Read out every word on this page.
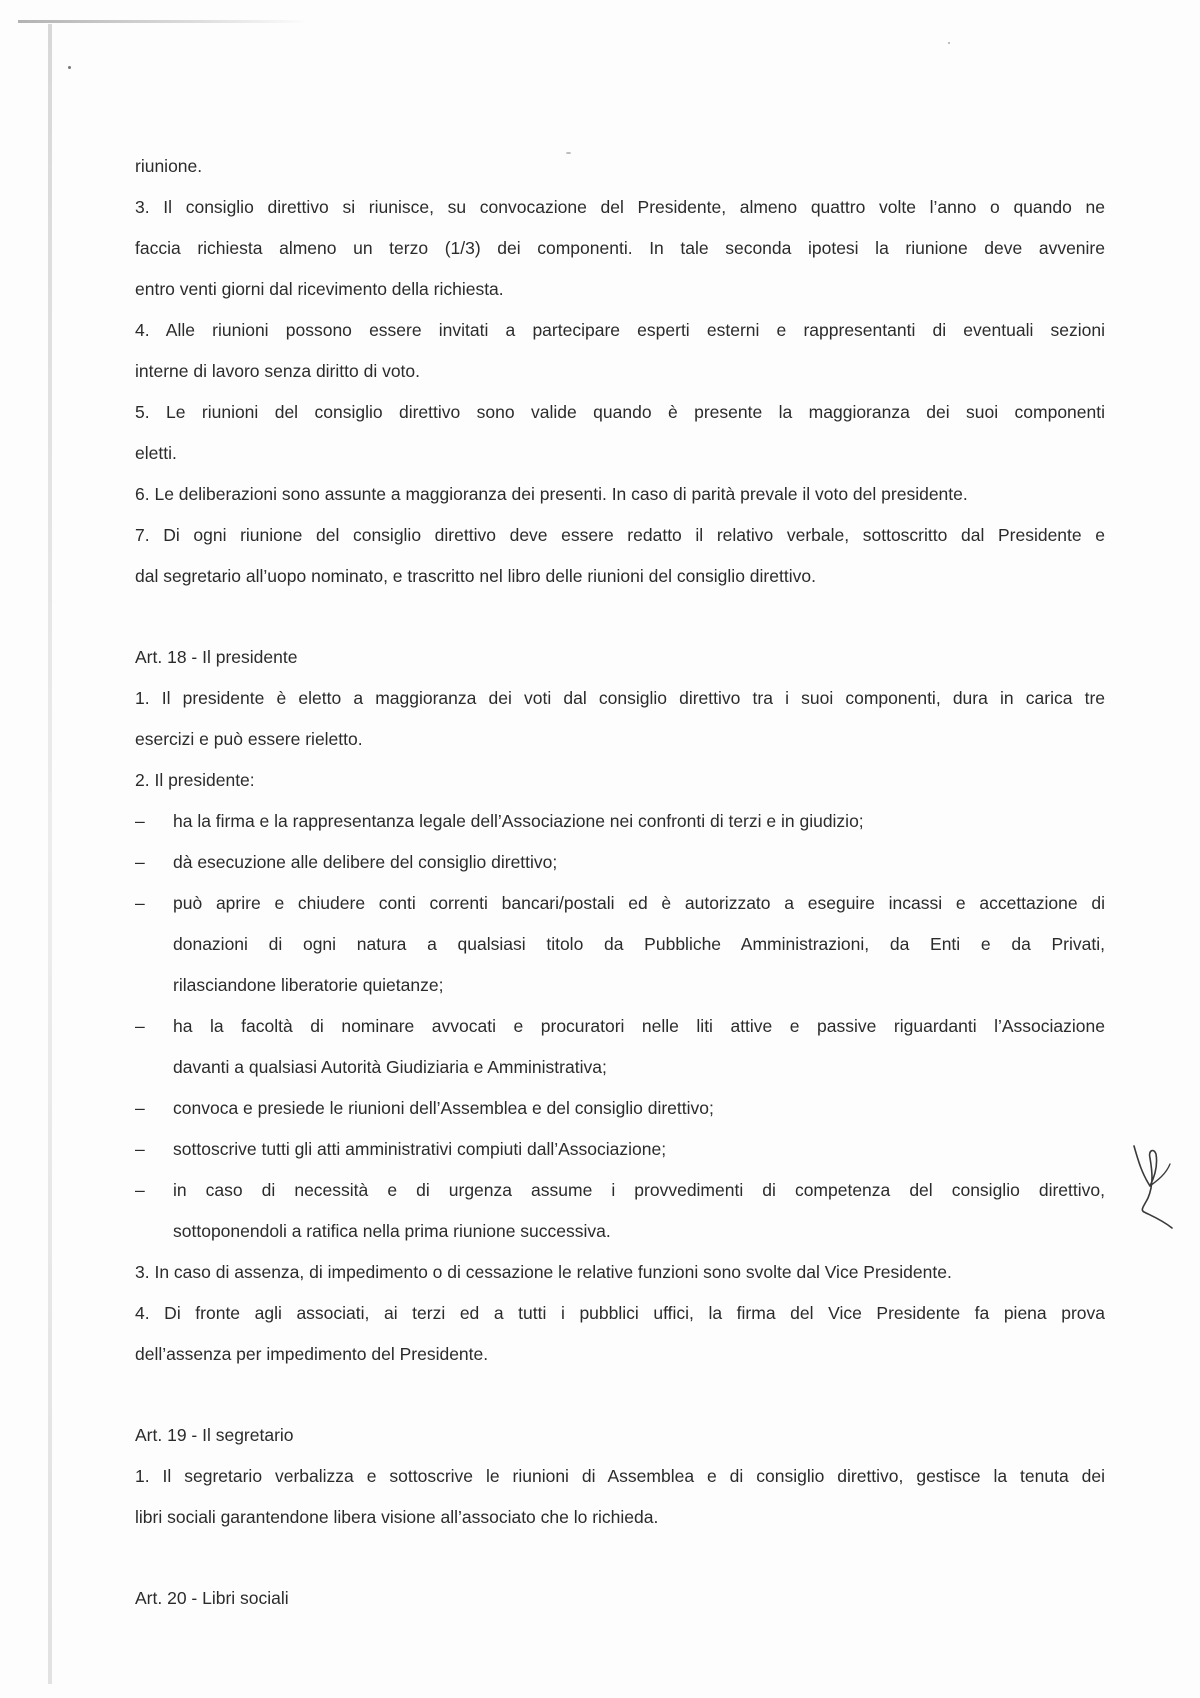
riunione.
3. Il consiglio direttivo si riunisce, su convocazione del Presidente, almeno quattro volte l’anno o quando ne
faccia richiesta almeno un terzo (1/3) dei componenti. In tale seconda ipotesi la riunione deve avvenire
entro venti giorni dal ricevimento della richiesta.
4. Alle riunioni possono essere invitati a partecipare esperti esterni e rappresentanti di eventuali sezioni
interne di lavoro senza diritto di voto.
5. Le riunioni del consiglio direttivo sono valide quando è presente la maggioranza dei suoi componenti
eletti.
6. Le deliberazioni sono assunte a maggioranza dei presenti. In caso di parità prevale il voto del presidente.
7. Di ogni riunione del consiglio direttivo deve essere redatto il relativo verbale, sottoscritto dal Presidente e
dal segretario all’uopo nominato, e trascritto nel libro delle riunioni del consiglio direttivo.
Art. 18 - Il presidente
1. Il presidente è eletto a maggioranza dei voti dal consiglio direttivo tra i suoi componenti, dura in carica tre
esercizi e può essere rieletto.
2. Il presidente:
– ha la firma e la rappresentanza legale dell’Associazione nei confronti di terzi e in giudizio;
– dà esecuzione alle delibere del consiglio direttivo;
– può aprire e chiudere conti correnti bancari/postali ed è autorizzato a eseguire incassi e accettazione di
donazioni di ogni natura a qualsiasi titolo da Pubbliche Amministrazioni, da Enti e da Privati,
rilasciandone liberatorie quietanze;
– ha la facoltà di nominare avvocati e procuratori nelle liti attive e passive riguardanti l’Associazione
davanti a qualsiasi Autorità Giudiziaria e Amministrativa;
– convoca e presiede le riunioni dell’Assemblea e del consiglio direttivo;
– sottoscrive tutti gli atti amministrativi compiuti dall’Associazione;
– in caso di necessità e di urgenza assume i provvedimenti di competenza del consiglio direttivo,
sottoponendoli a ratifica nella prima riunione successiva.
3. In caso di assenza, di impedimento o di cessazione le relative funzioni sono svolte dal Vice Presidente.
4. Di fronte agli associati, ai terzi ed a tutti i pubblici uffici, la firma del Vice Presidente fa piena prova
dell’assenza per impedimento del Presidente.
Art. 19 - Il segretario
1. Il segretario verbalizza e sottoscrive le riunioni di Assemblea e di consiglio direttivo, gestisce la tenuta dei
libri sociali garantendone libera visione all’associato che lo richieda.
Art. 20 - Libri sociali
